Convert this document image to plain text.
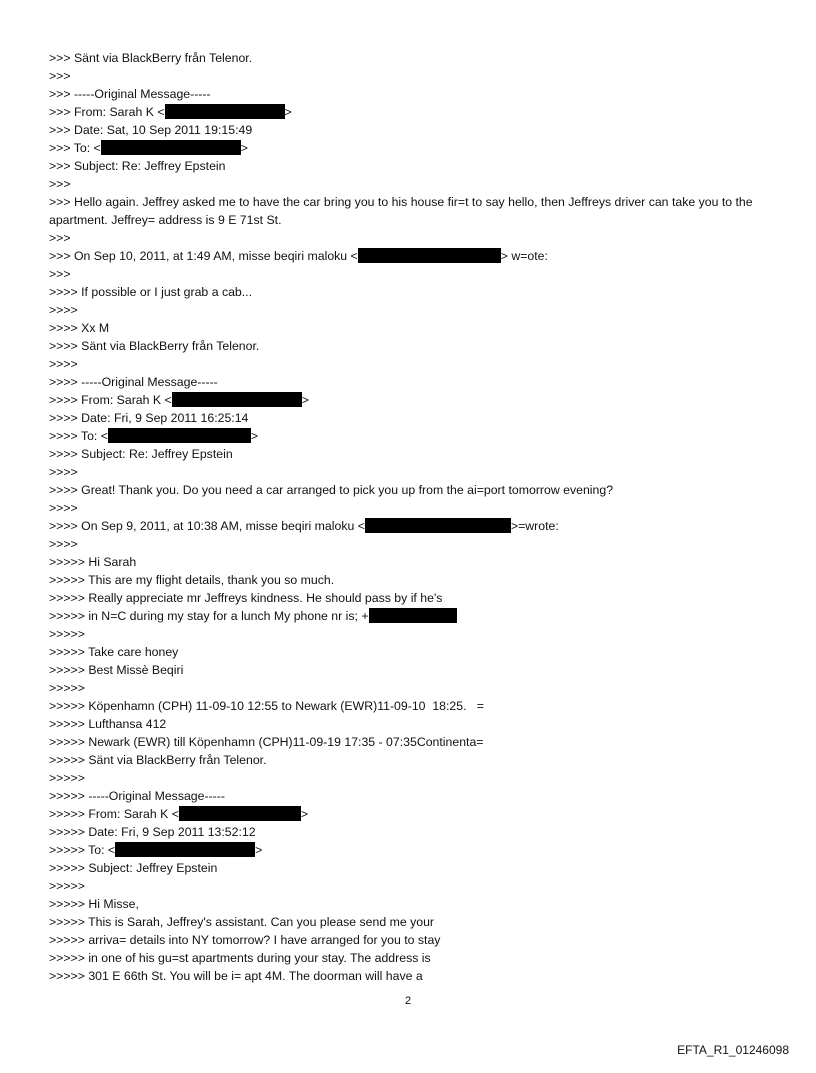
>>> Sänt via BlackBerry från Telenor.
>>>
>>> -----Original Message-----
>>> From: Sarah K <	>
>>> Date: Sat, 10 Sep 2011 19:15:49
>>> To: <	>
>>> Subject: Re: Jeffrey Epstein
>>>
>>> Hello again. Jeffrey asked me to have the car bring you to his house fir=t to say hello, then Jeffreys driver can take you to the apartment. Jeffrey= address is 9 E 71st St.
>>>
>>> On Sep 10, 2011, at 1:49 AM, misse beqiri maloku <	> w=ote:
>>>
>>>> If possible or I just grab a cab...
>>>>
>>>> Xx M
>>>> Sänt via BlackBerry från Telenor.
>>>>
>>>> -----Original Message-----
>>>> From: Sarah K <	>
>>>> Date: Fri, 9 Sep 2011 16:25:14
>>>> To: <	>
>>>> Subject: Re: Jeffrey Epstein
>>>>
>>>> Great! Thank you. Do you need a car arranged to pick you up from the ai=port tomorrow evening?
>>>>
>>>> On Sep 9, 2011, at 10:38 AM, misse beqiri maloku <	>=wrote:
>>>>
>>>>> Hi Sarah
>>>>> This are my flight details, thank you so much.
>>>>> Really appreciate mr Jeffreys kindness. He should pass by if he's
>>>>> in N=C during my stay for a lunch My phone nr is; +
>>>>>
>>>>> Take care honey
>>>>> Best Missè Beqiri
>>>>>
>>>>> Köpenhamn (CPH) 11-09-10 12:55 to Newark (EWR)11-09-10  18:25.   =
>>>>> Lufthansa 412
>>>>> Newark (EWR) till Köpenhamn (CPH)11-09-19 17:35 - 07:35Continenta=
>>>>> Sänt via BlackBerry från Telenor.
>>>>>
>>>>> -----Original Message-----
>>>>> From: Sarah K <	>
>>>>> Date: Fri, 9 Sep 2011 13:52:12
>>>>> To: <	>
>>>>> Subject: Jeffrey Epstein
>>>>>
>>>>> Hi Misse,
>>>>> This is Sarah, Jeffrey's assistant. Can you please send me your
>>>>> arriva= details into NY tomorrow? I have arranged for you to stay
>>>>> in one of his gu=st apartments during your stay. The address is
>>>>> 301 E 66th St. You will be i= apt 4M. The doorman will have a
2
EFTA_R1_01246098
